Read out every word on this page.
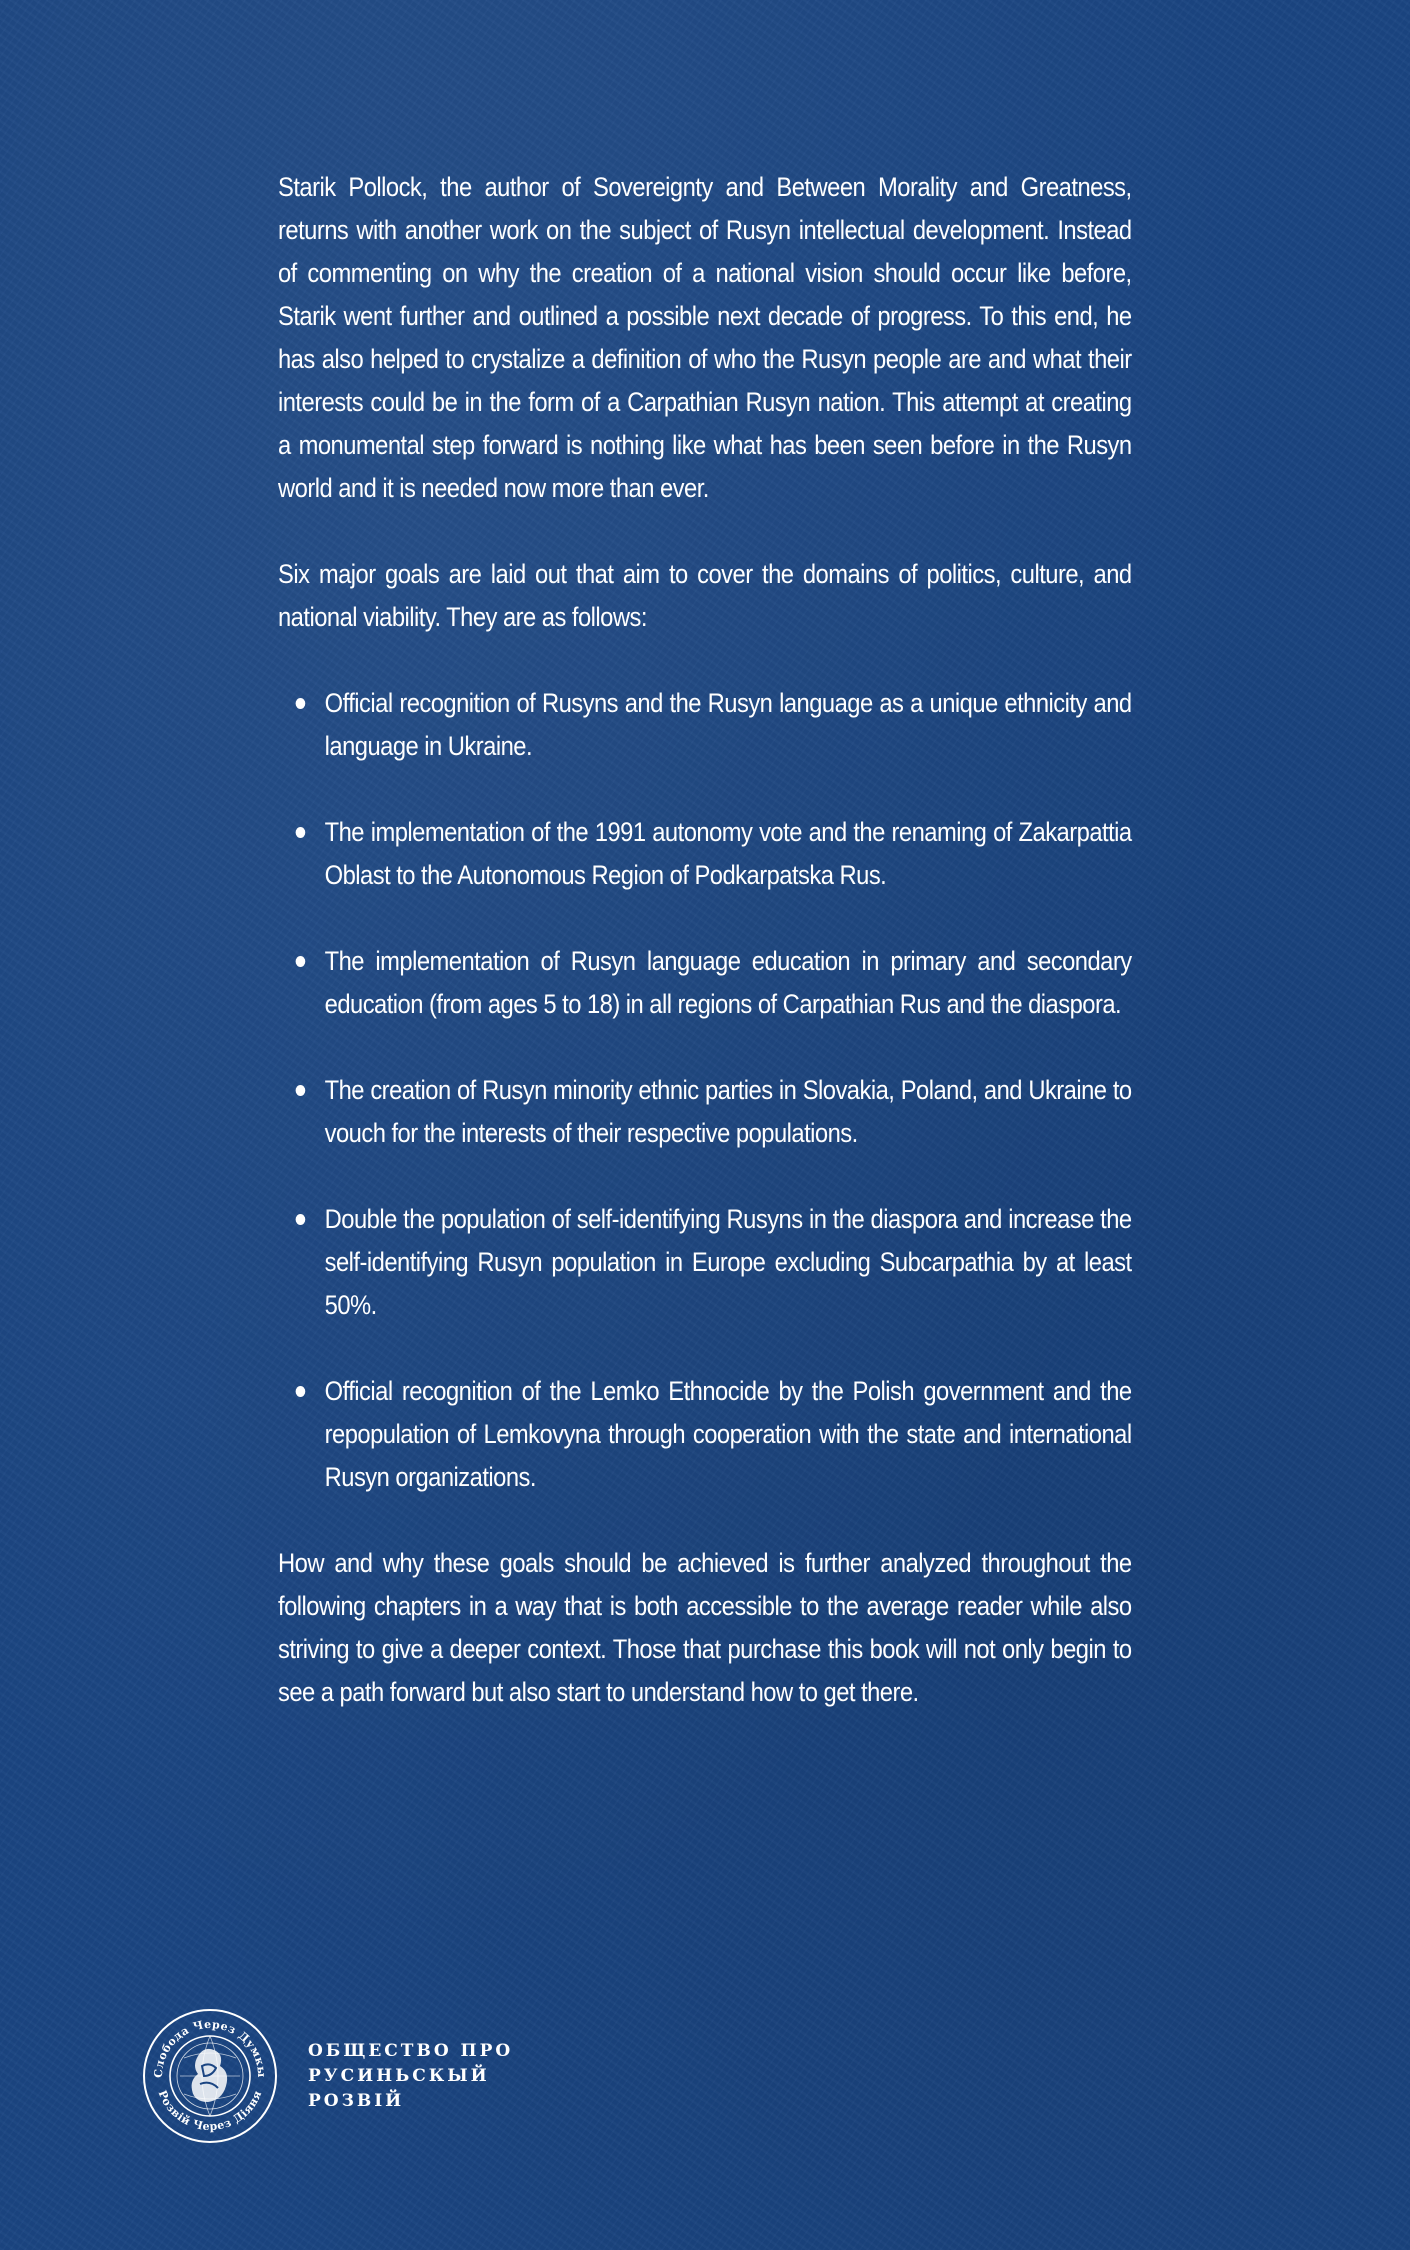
Starik Pollock, the author of Sovereignty and Between Morality and Greatness, returns with another work on the subject of Rusyn intellectual development. Instead of commenting on why the creation of a national vision should occur like before, Starik went further and outlined a possible next decade of progress. To this end, he has also helped to crystalize a definition of who the Rusyn people are and what their interests could be in the form of a Carpathian Rusyn nation. This attempt at creating a monumental step forward is nothing like what has been seen before in the Rusyn world and it is needed now more than ever.

Six major goals are laid out that aim to cover the domains of politics, culture, and national viability. They are as follows:

Official recognition of Rusyns and the Rusyn language as a unique ethnicity and language in Ukraine.
The implementation of the 1991 autonomy vote and the renaming of Zakarpattia Oblast to the Autonomous Region of Podkarpatska Rus.
The implementation of Rusyn language education in primary and secondary education (from ages 5 to 18) in all regions of Carpathian Rus and the diaspora.
The creation of Rusyn minority ethnic parties in Slovakia, Poland, and Ukraine to vouch for the interests of their respective populations.
Double the population of self-identifying Rusyns in the diaspora and increase the self-identifying Rusyn population in Europe excluding Subcarpathia by at least 50%.
Official recognition of the Lemko Ethnocide by the Polish government and the repopulation of Lemkovyna through cooperation with the state and international Rusyn organizations.

How and why these goals should be achieved is further analyzed throughout the following chapters in a way that is both accessible to the average reader while also striving to give a deeper context. Those that purchase this book will not only begin to see a path forward but also start to understand how to get there.

Слобода Через Думкы
Розвій Через Діяня
ОБЩЕСТВО ПРО
РУСИНЬСКЫЙ
РОЗВІЙ
